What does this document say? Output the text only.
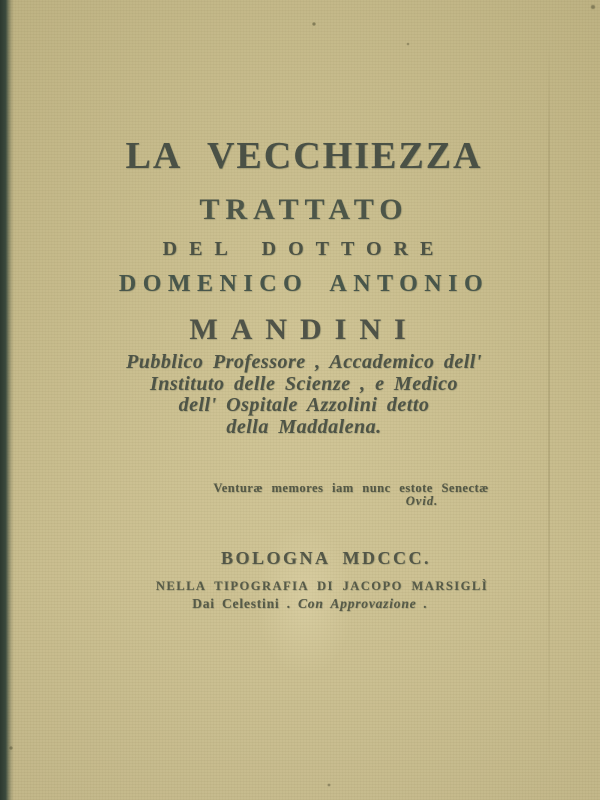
LA VECCHIEZZA
TRATTATO
DEL DOTTORE
DOMENICO ANTONIO
MANDINI
Pubblico Professore , Accademico dell'
Instituto delle Scienze , e Medico
dell' Ospitale Azzolini detto
della Maddalena.
Venturæ memores iam nunc estote Senectæ
Ovid.
BOLOGNA MDCCC.
NELLA TIPOGRAFIA DI JACOPO MARSIGLÌ
Dai Celestini . Con Approvazione .
